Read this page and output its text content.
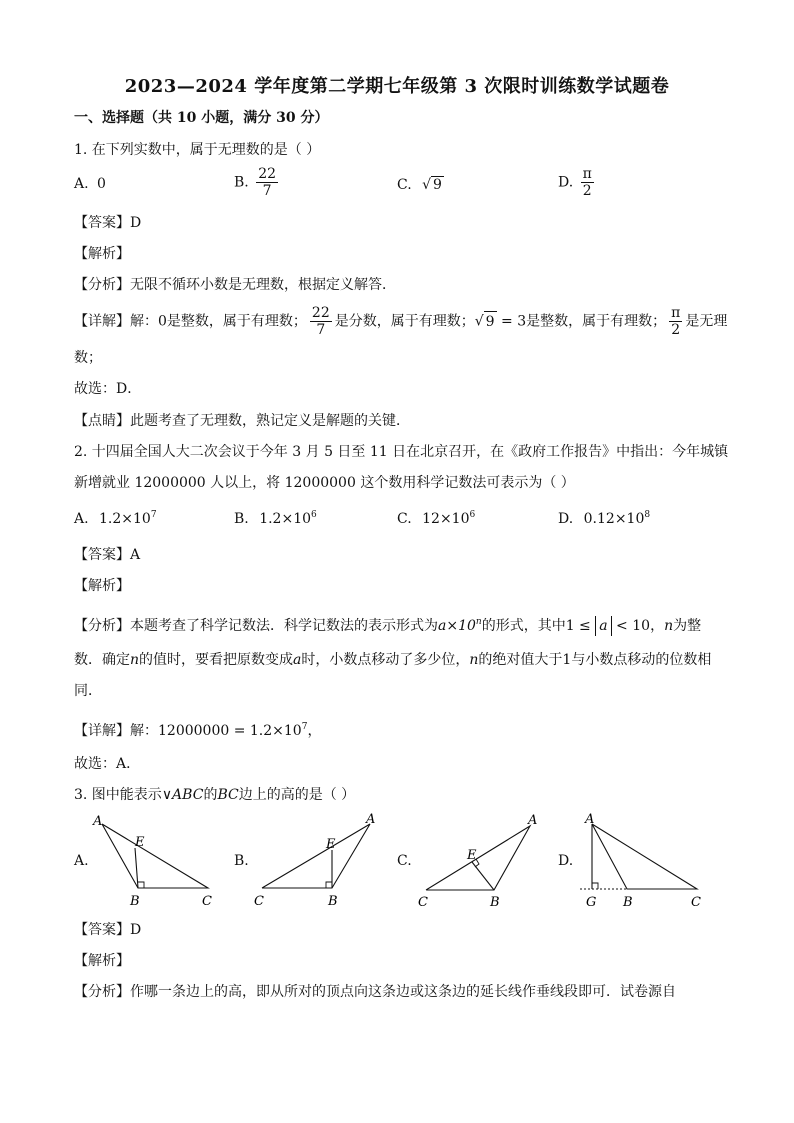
2023—2024 学年度第二学期七年级第 3 次限时训练数学试题卷
一、选择题（共 10 小题，满分 30 分）
1. 在下列实数中，属于无理数的是（ ）
A. 0	B. $\frac{22}{7}$	C. √ 9	D. $\frac{\pi}{2}$
【答案】D
【解析】
【分析】无限不循环小数是无理数，根据定义解答．
【详解】解：0是整数，属于有理数； $\frac{22}{7}$ 是分数，属于有理数；√ 9 = 3是整数，属于有理数； $\frac{\pi}{2}$ 是无理
数；
故选：D．
【点睛】此题考查了无理数，熟记定义是解题的关键．
2. 十四届全国人大二次会议于今年 3 月 5 日至 11 日在北京召开，在《政府工作报告》中指出：今年城镇
新增就业 12000000 人以上，将 12000000 这个数用科学记数法可表示为（ ）
A. $1.2\times 10^7$	B. $1.2\times 10^6$	C. $12\times 10^6$	D. $0.12\times 10^8$
【答案】A
【解析】
【分析】本题考查了科学记数法．科学记数法的表示形式为$a\times 10^n$的形式，其中1 ≤ a < 10，n为整
数．确定n的值时，要看把原数变成a时，小数点移动了多少位，n的绝对值大于1与小数点移动的位数相
同．
【详解】解：$12000000 = 1.2\times 10^7$，
故选：A．
3. 图中能表示∨ABC的BC边上的高的是（ ）
A.	B.	C.	D.
A
E
B	C
A
E
B
C
A
E
B
C
A
G B	C
【答案】D
【解析】
【分析】作哪一条边上的高，即从所对的顶点向这条边或这条边的延长线作垂线段即可．试卷源自
